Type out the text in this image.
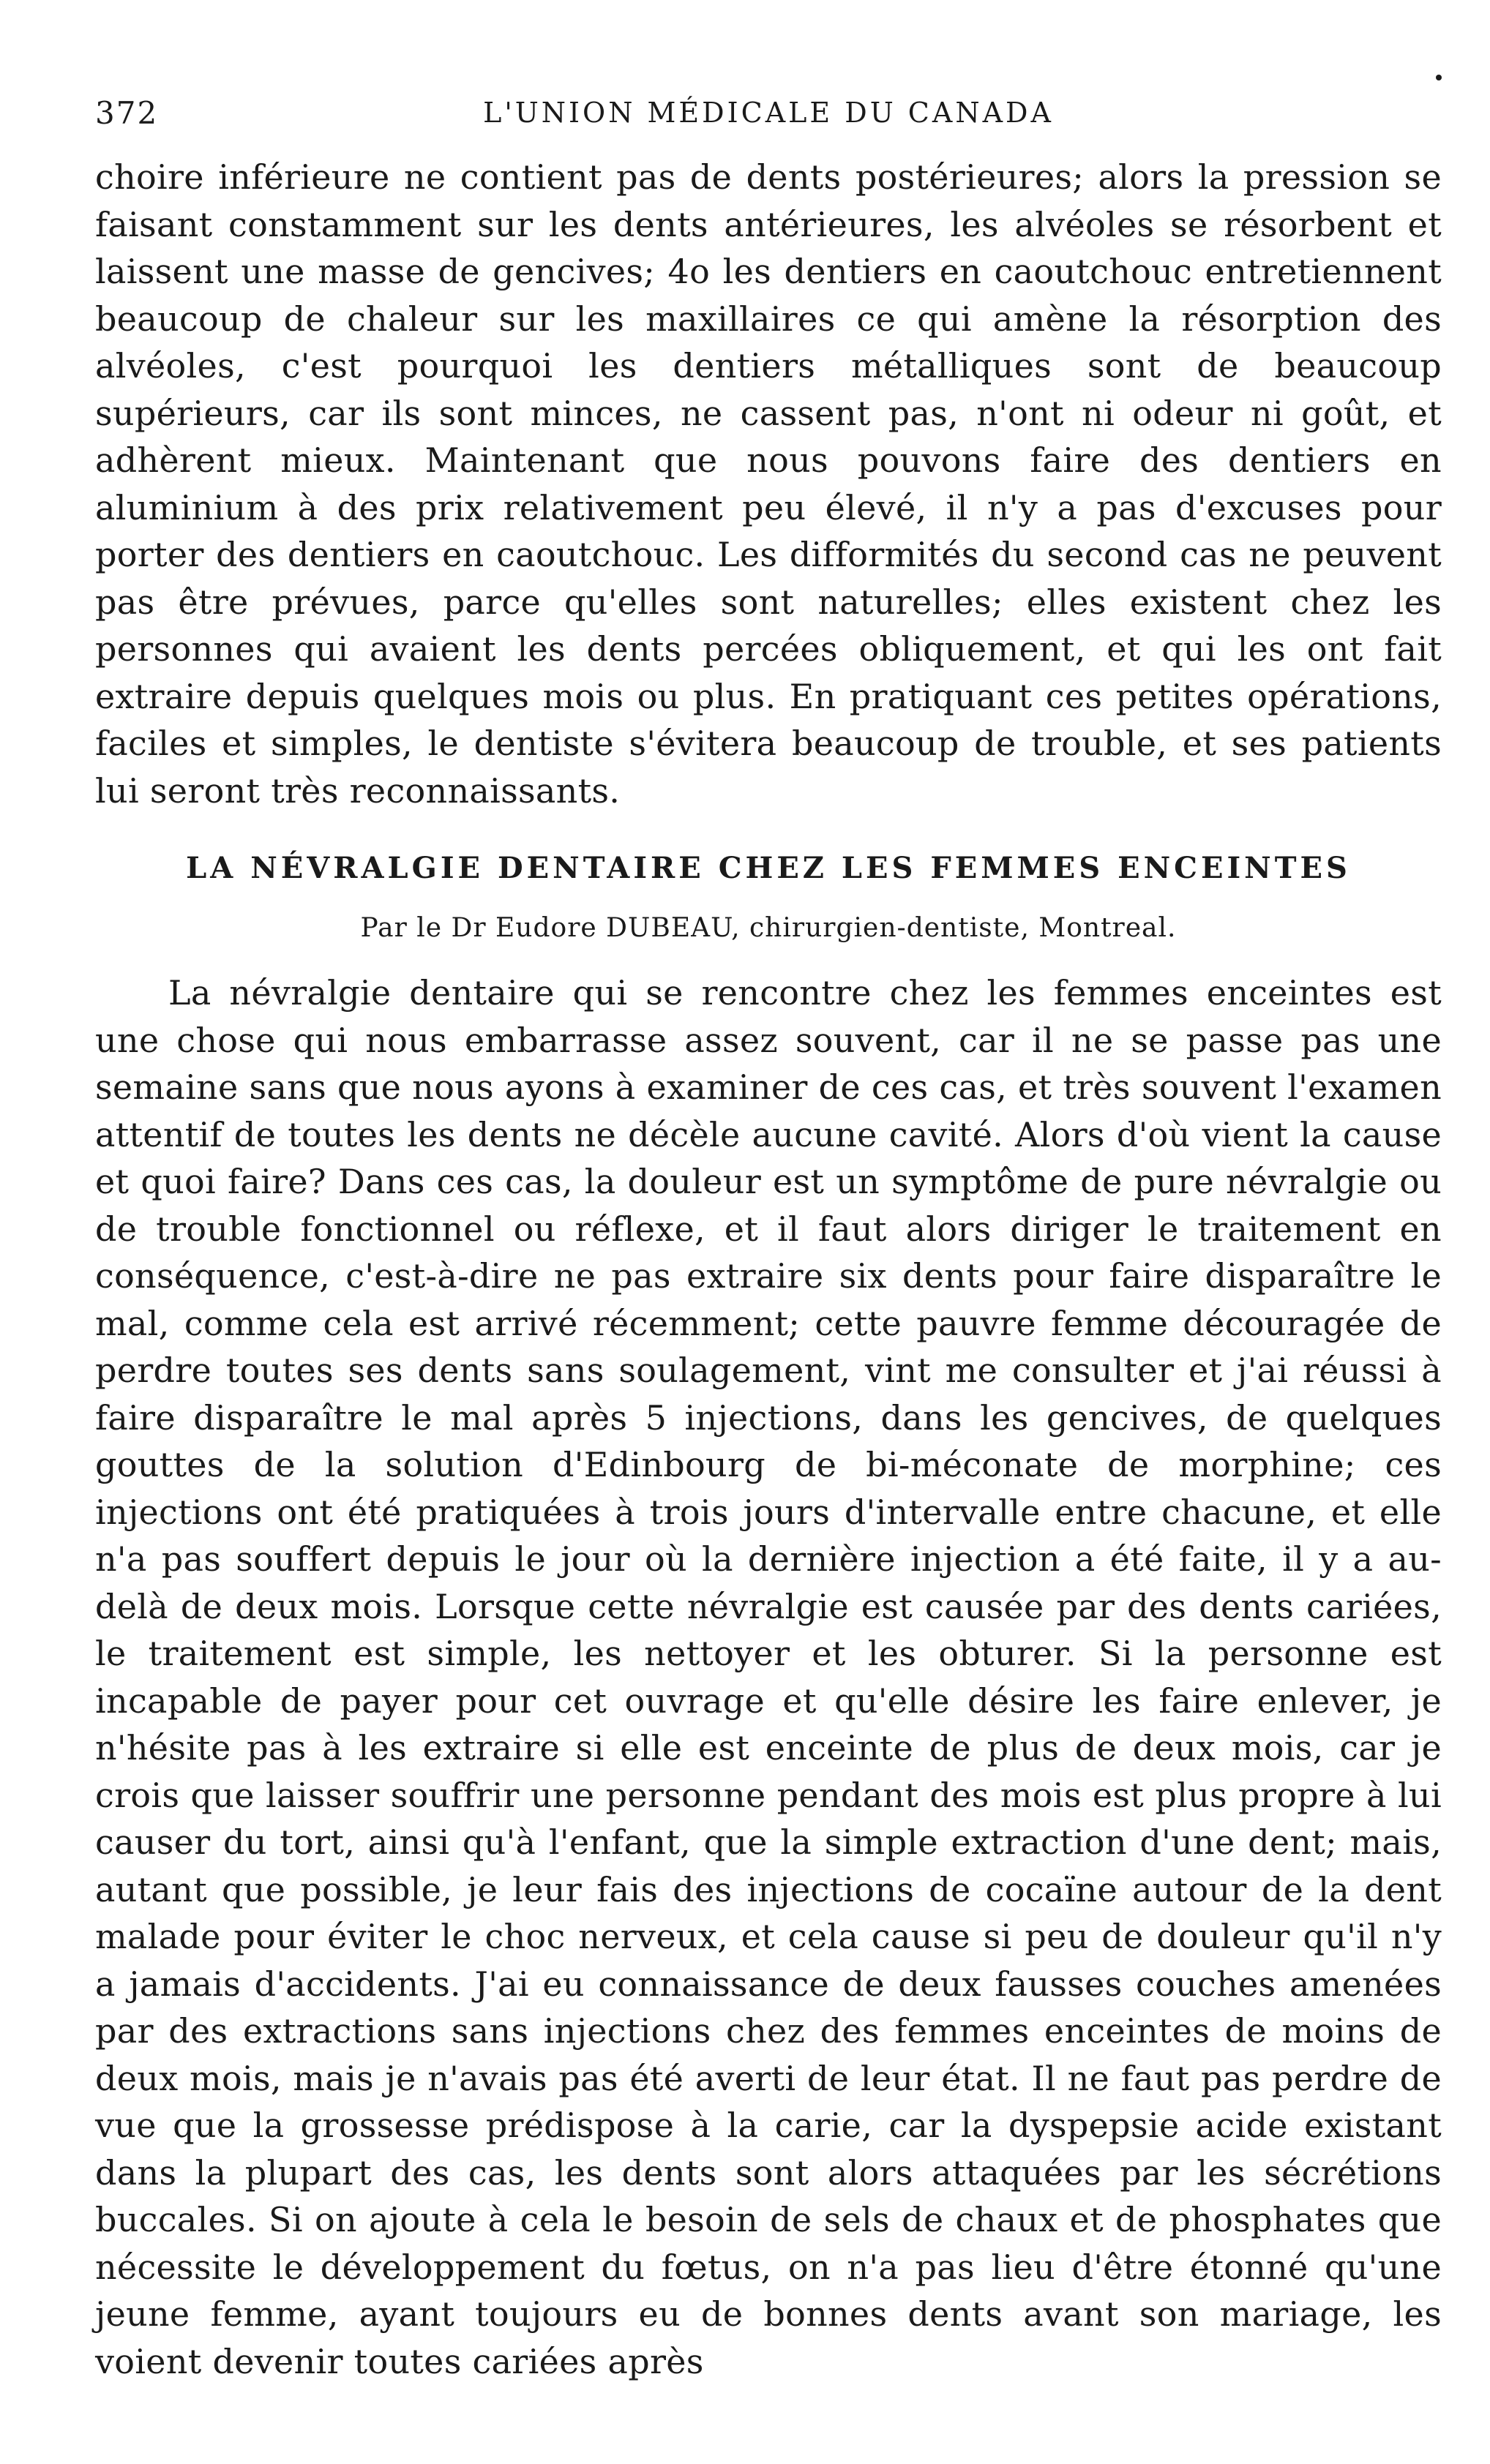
372	L'UNION MÉDICALE DU CANADA

choire inférieure ne contient pas de dents postérieures; alors la pression se faisant constamment sur les dents antérieures, les alvéoles se résorbent et laissent une masse de gencives; 4o les dentiers en caoutchouc entretiennent beaucoup de chaleur sur les maxillaires ce qui amène la résorption des alvéoles, c'est pourquoi les dentiers métalliques sont de beaucoup supérieurs, car ils sont minces, ne cassent pas, n'ont ni odeur ni goût, et adhèrent mieux. Maintenant que nous pouvons faire des dentiers en aluminium à des prix relativement peu élevé, il n'y a pas d'excuses pour porter des dentiers en caoutchouc. Les difformités du second cas ne peuvent pas être prévues, parce qu'elles sont naturelles; elles existent chez les personnes qui avaient les dents percées obliquement, et qui les ont fait extraire depuis quelques mois ou plus. En pratiquant ces petites opérations, faciles et simples, le dentiste s'évitera beaucoup de trouble, et ses patients lui seront très reconnaissants.

LA NÉVRALGIE DENTAIRE CHEZ LES FEMMES ENCEINTES
Par le Dr Eudore DUBEAU, chirurgien-dentiste, Montreal.

La névralgie dentaire qui se rencontre chez les femmes enceintes est une chose qui nous embarrasse assez souvent, car il ne se passe pas une semaine sans que nous ayons à examiner de ces cas, et très souvent l'examen attentif de toutes les dents ne décèle aucune cavité. Alors d'où vient la cause et quoi faire? Dans ces cas, la douleur est un symptôme de pure névralgie ou de trouble fonctionnel ou réflexe, et il faut alors diriger le traitement en conséquence, c'est-à-dire ne pas extraire six dents pour faire disparaître le mal, comme cela est arrivé récemment; cette pauvre femme découragée de perdre toutes ses dents sans soulagement, vint me consulter et j'ai réussi à faire disparaître le mal après 5 injections, dans les gencives, de quelques gouttes de la solution d'Edinbourg de bi-méconate de morphine; ces injections ont été pratiquées à trois jours d'intervalle entre chacune, et elle n'a pas souffert depuis le jour où la dernière injection a été faite, il y a au-delà de deux mois. Lorsque cette névralgie est causée par des dents cariées, le traitement est simple, les nettoyer et les obturer. Si la personne est incapable de payer pour cet ouvrage et qu'elle désire les faire enlever, je n'hésite pas à les extraire si elle est enceinte de plus de deux mois, car je crois que laisser souffrir une personne pendant des mois est plus propre à lui causer du tort, ainsi qu'à l'enfant, que la simple extraction d'une dent; mais, autant que possible, je leur fais des injections de cocaïne autour de la dent malade pour éviter le choc nerveux, et cela cause si peu de douleur qu'il n'y a jamais d'accidents. J'ai eu connaissance de deux fausses couches amenées par des extractions sans injections chez des femmes enceintes de moins de deux mois, mais je n'avais pas été averti de leur état. Il ne faut pas perdre de vue que la grossesse prédispose à la carie, car la dyspepsie acide existant dans la plupart des cas, les dents sont alors attaquées par les sécrétions buccales. Si on ajoute à cela le besoin de sels de chaux et de phosphates que nécessite le développement du fœtus, on n'a pas lieu d'être étonné qu'une jeune femme, ayant toujours eu de bonnes dents avant son mariage, les voient devenir toutes cariées après
